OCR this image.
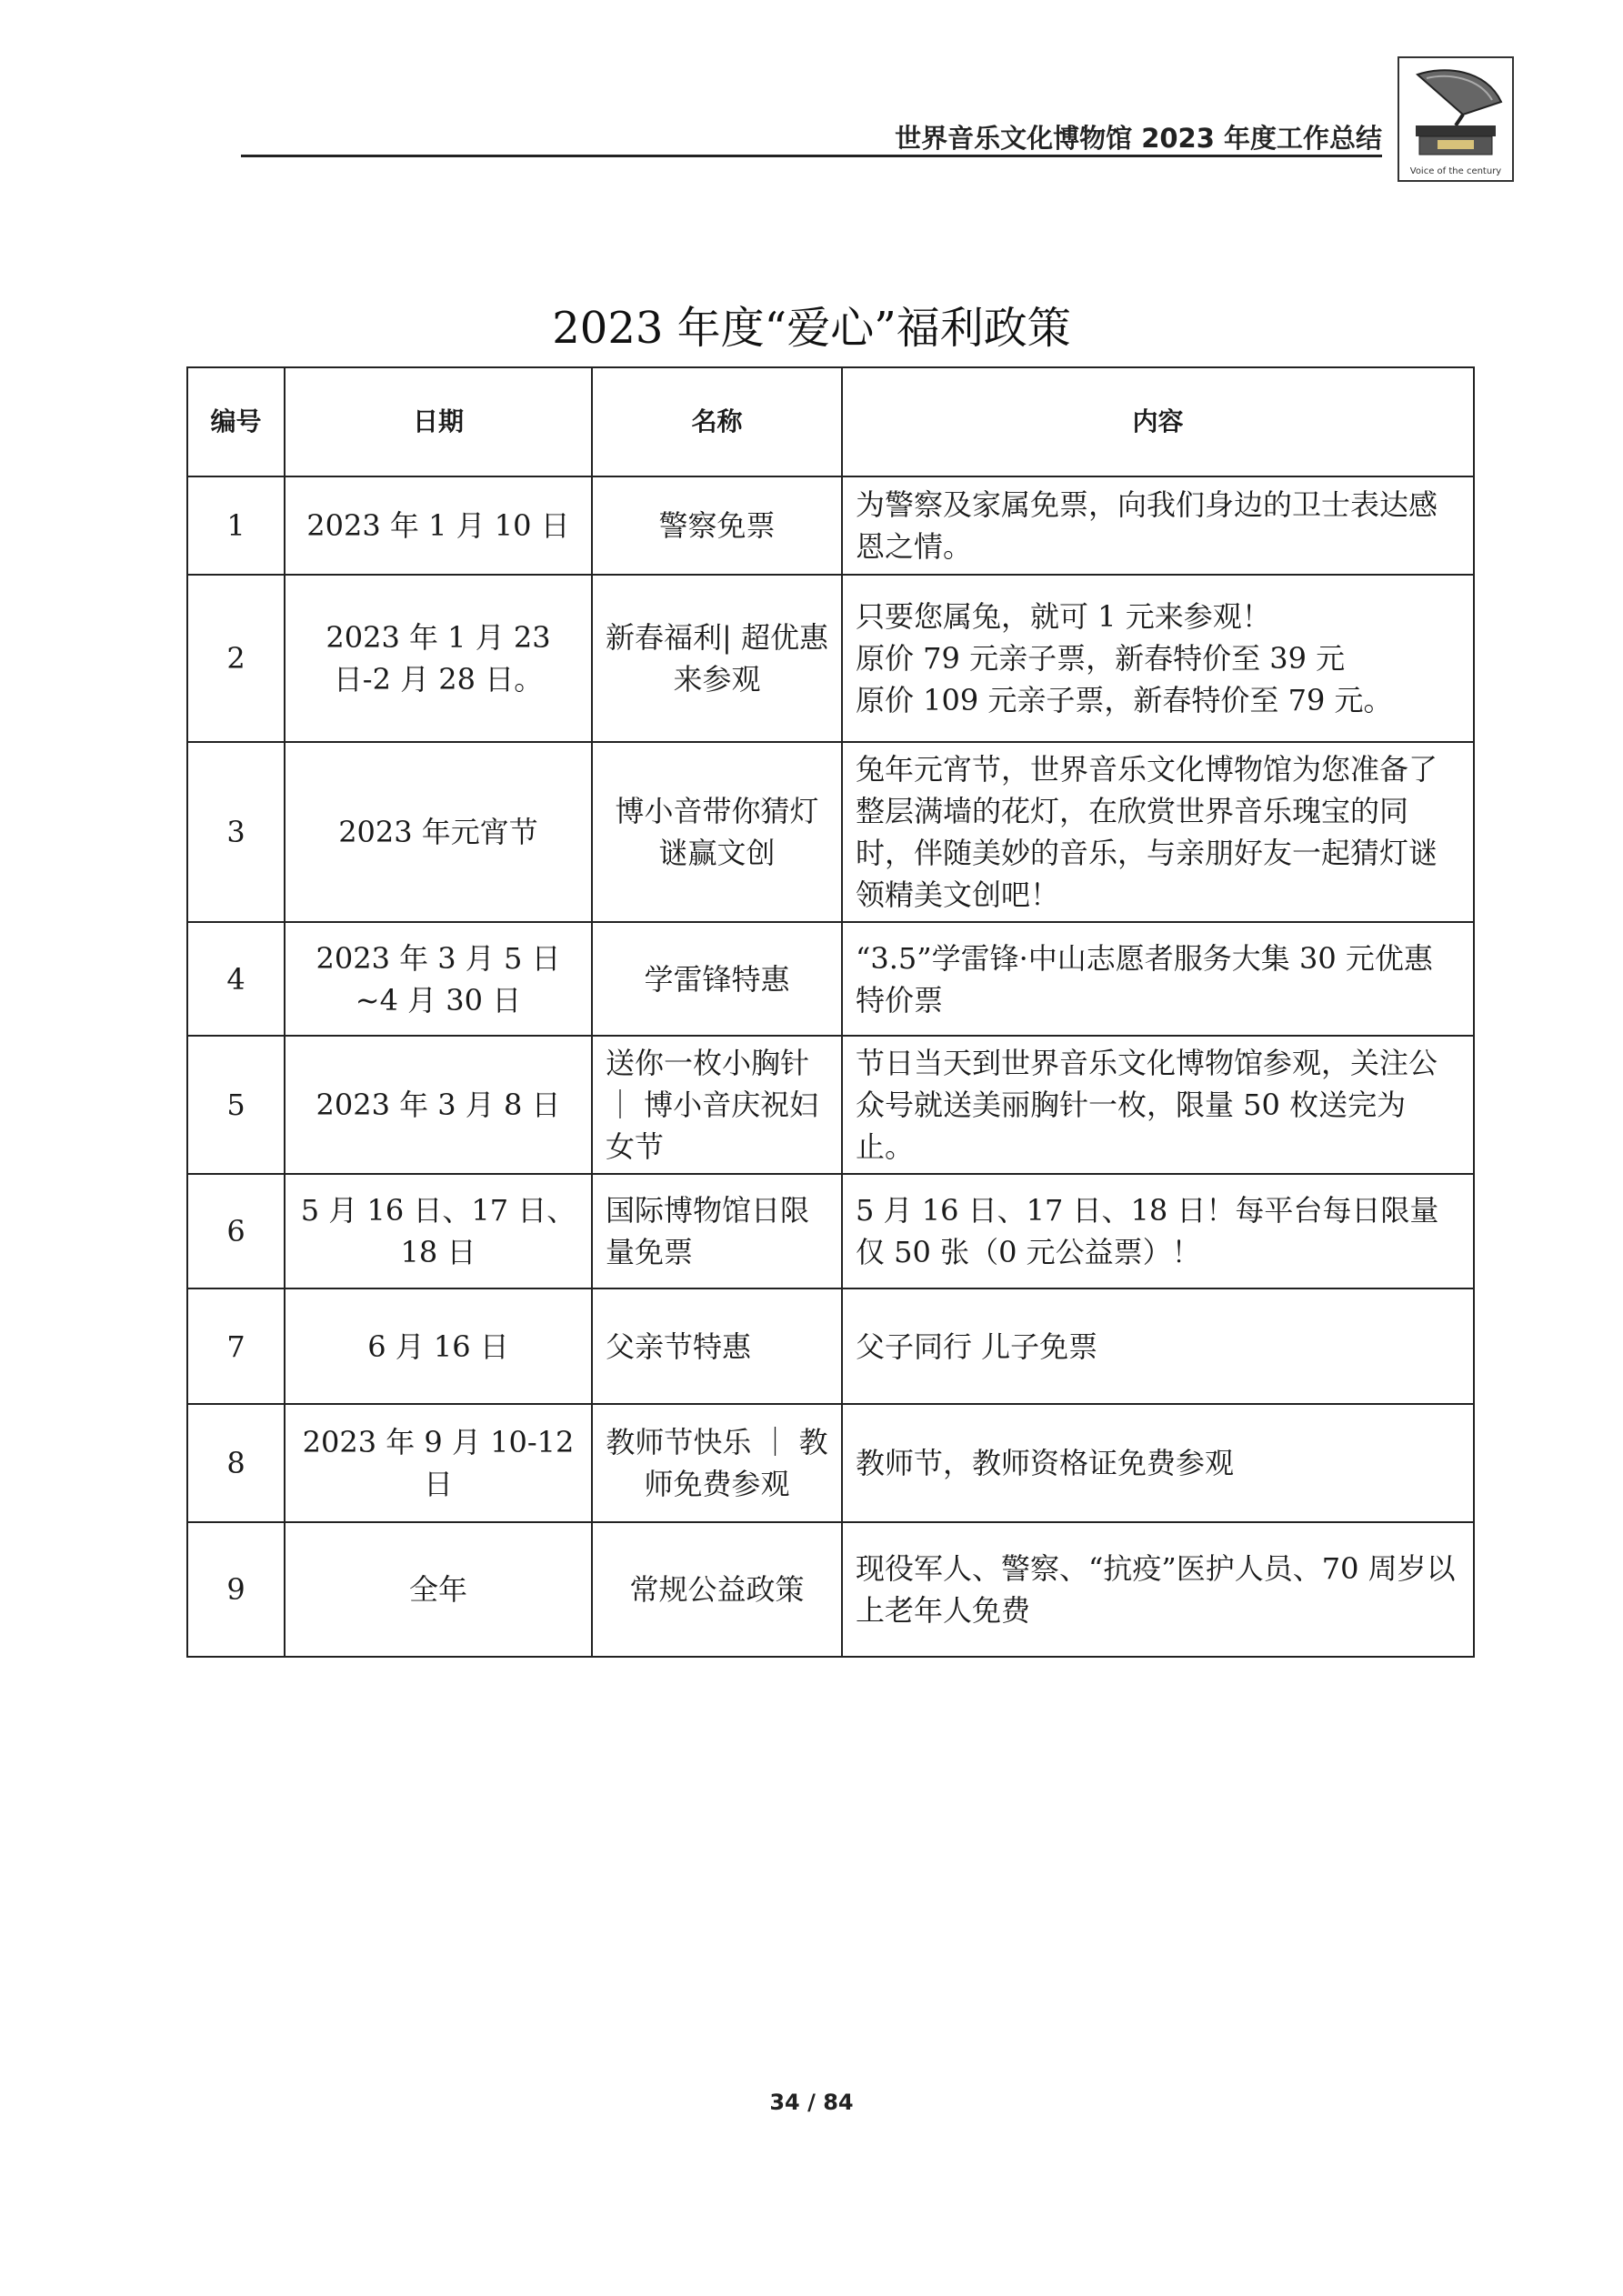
世界音乐文化博物馆 2023 年度工作总结
Voice of the century
2023 年度“爱心”福利政策
编号	日期	名称	内容
1	2023 年 1 月 10 日	警察免票	为警察及家属免票，向我们身边的卫士表达感恩之情。
2	2023 年 1 月 23 日-2 月 28 日。	新春福利| 超优惠来参观	只要您属兔，就可 1 元来参观！
原价 79 元亲子票，新春特价至 39 元
原价 109 元亲子票，新春特价至 79 元。
3	2023 年元宵节	博小音带你猜灯谜赢文创	兔年元宵节，世界音乐文化博物馆为您准备了整层满墙的花灯，在欣赏世界音乐瑰宝的同时，伴随美妙的音乐，与亲朋好友一起猜灯谜领精美文创吧！
4	2023 年 3 月 5 日~4 月 30 日	学雷锋特惠	“3.5”学雷锋·中山志愿者服务大集 30 元优惠特价票
5	2023 年 3 月 8 日	送你一枚小胸针 ｜ 博小音庆祝妇女节	节日当天到世界音乐文化博物馆参观，关注公众号就送美丽胸针一枚，限量 50 枚送完为止。
6	5 月 16 日、17 日、18 日	国际博物馆日限量免票	5 月 16 日、17 日、18 日！每平台每日限量仅 50 张（0 元公益票）！
7	6 月 16 日	父亲节特惠	父子同行 儿子免票
8	2023 年 9 月 10-12 日	教师节快乐 ｜ 教师免费参观	教师节，教师资格证免费参观
9	全年	常规公益政策	现役军人、警察、“抗疫”医护人员、70 周岁以上老年人免费
34 / 84
